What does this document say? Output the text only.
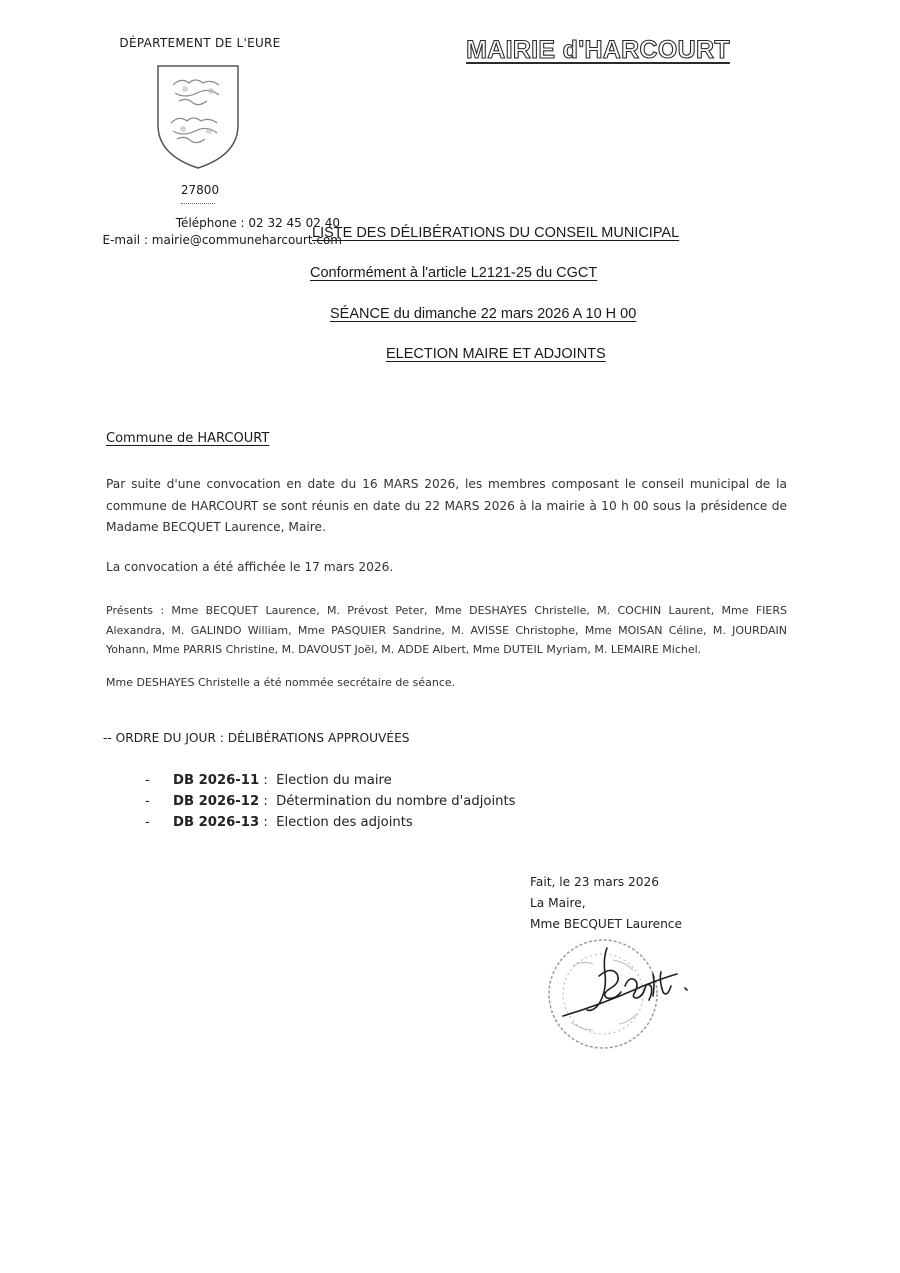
DÉPARTEMENT DE L'EURE
27800
Téléphone : 02 32 45 02 40
E-mail : mairie@communeharcourt.com
MAIRIE d'HARCOURT
LISTE DES DÉLIBÉRATIONS DU CONSEIL MUNICIPAL
Conformément à l'article L2121-25 du CGCT
SÉANCE du dimanche 22 mars 2026 A 10 H 00
ELECTION MAIRE ET ADJOINTS
Commune de HARCOURT
Par suite d'une convocation en date du 16 MARS 2026, les membres composant le conseil municipal de la commune de HARCOURT se sont réunis en date du 22 MARS 2026 à la mairie à 10 h 00 sous la présidence de Madame BECQUET Laurence, Maire.
La convocation a été affichée le 17 mars 2026.
Présents : Mme BECQUET Laurence, M. Prévost Peter, Mme DESHAYES Christelle, M. COCHIN Laurent, Mme FIERS Alexandra, M. GALINDO William, Mme PASQUIER Sandrine, M. AVISSE Christophe, Mme MOISAN Céline, M. JOURDAIN Yohann, Mme PARRIS Christine, M. DAVOUST Joël, M. ADDE Albert, Mme DUTEIL Myriam, M. LEMAIRE Michel.
Mme DESHAYES Christelle a été nommée secrétaire de séance.
-- ORDRE DU JOUR : DÉLIBÉRATIONS APPROUVÉES
- DB 2026-11 : Election du maire
- DB 2026-12 : Détermination du nombre d'adjoints
- DB 2026-13 : Election des adjoints
Fait, le 23 mars 2026
La Maire,
Mme BECQUET Laurence
